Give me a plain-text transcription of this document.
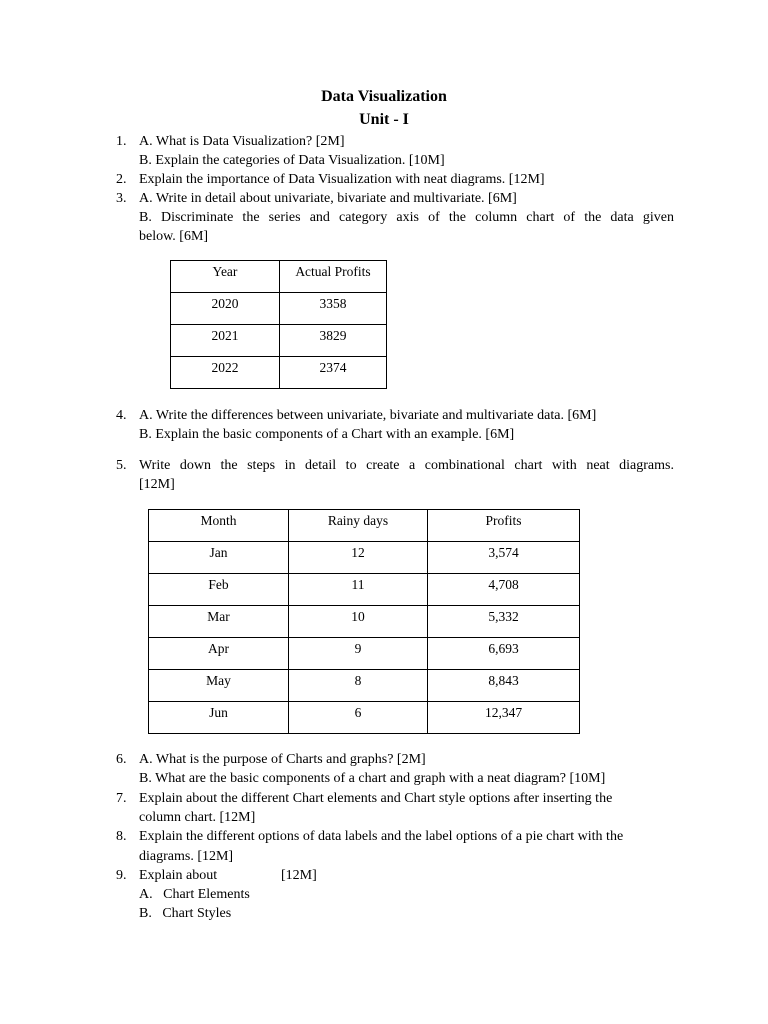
Data Visualization
Unit - I
1. A. What is Data Visualization? [2M]
B. Explain the categories of Data Visualization. [10M]
2. Explain the importance of Data Visualization with neat diagrams. [12M]
3. A. Write in detail about univariate, bivariate and multivariate. [6M]
B. Discriminate the series and category axis of the column chart of the data given
below. [6M]
Year	Actual Profits
2020	3358
2021	3829
2022	2374
4. A. Write the differences between univariate, bivariate and multivariate data. [6M]
B. Explain the basic components of a Chart with an example. [6M]
5. Write down the steps in detail to create a combinational chart with neat diagrams.
[12M]
Month	Rainy days	Profits
Jan	12	3,574
Feb	11	4,708
Mar	10	5,332
Apr	9	6,693
May	8	8,843
Jun	6	12,347
6. A. What is the purpose of Charts and graphs? [2M]
B. What are the basic components of a chart and graph with a neat diagram? [10M]
7. Explain about the different Chart elements and Chart style options after inserting the
column chart. [12M]
8. Explain the different options of data labels and the label options of a pie chart with the
diagrams. [12M]
9. Explain about	[12M]
A.   Chart Elements
B.   Chart Styles
